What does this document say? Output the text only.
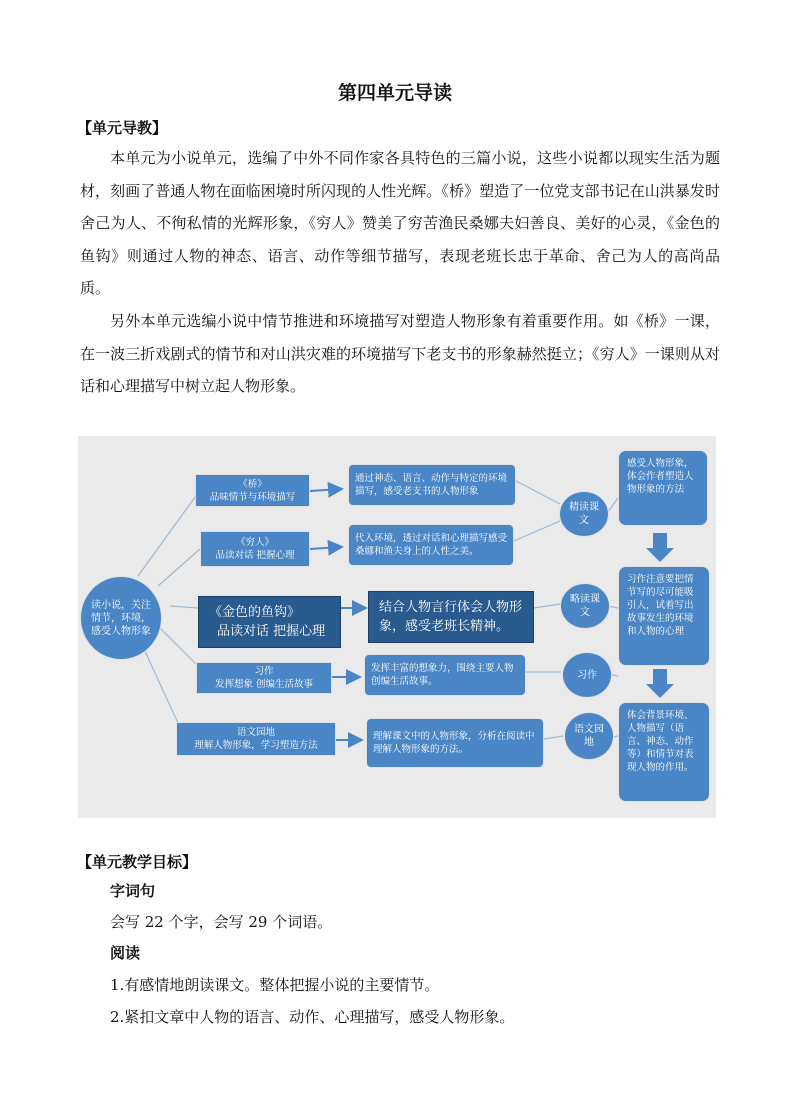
第四单元导读
【单元导教】

本单元为小说单元，选编了中外不同作家各具特色的三篇小说，这些小说都以现实生活为题材，刻画了普通人物在面临困境时所闪现的人性光辉。《桥》塑造了一位党支部书记在山洪暴发时舍己为人、不徇私情的光辉形象，《穷人》赞美了穷苦渔民桑娜夫妇善良、美好的心灵，《金色的鱼钩》则通过人物的神态、语言、动作等细节描写，表现老班长忠于革命、舍己为人的高尚品质。

另外本单元选编小说中情节推进和环境描写对塑造人物形象有着重要作用。如《桥》一课，在一波三折戏剧式的情节和对山洪灾难的环境描写下老支书的形象赫然挺立；《穷人》一课则从对话和心理描写中树立起人物形象。

读小说，关注情节，环境，感受人物形象
《桥》
品味情节与环境描写
通过神态、语言、动作与特定的环境描写，感受老支书的人物形象
《穷人》
品读对话 把握心理
代入环境，透过对话和心理描写感受桑娜和渔夫身上的人性之美。
《金色的鱼钩》
品读对话 把握心理
结合人物言行体会人物形象，感受老班长精神。
习作
发挥想象 创编生活故事
发挥丰富的想象力，围绕主要人物创编生活故事。
语文园地
理解人物形象，学习塑造方法
理解课文中的人物形象，分析在阅读中理解人物形象的方法。
精读课文
略读课文
习作
语文园地
感受人物形象，体会作者塑造人物形象的方法
习作注意要把情节写的尽可能吸引人，试着写出故事发生的环境和人物的心理
体会背景环境、人物描写（语言、神态、动作等）和情节对表现人物的作用。
【单元教学目标】
字词句
会写 22 个字，会写 29 个词语。
阅读
1.有感情地朗读课文。整体把握小说的主要情节。
2.紧扣文章中人物的语言、动作、心理描写，感受人物形象。
